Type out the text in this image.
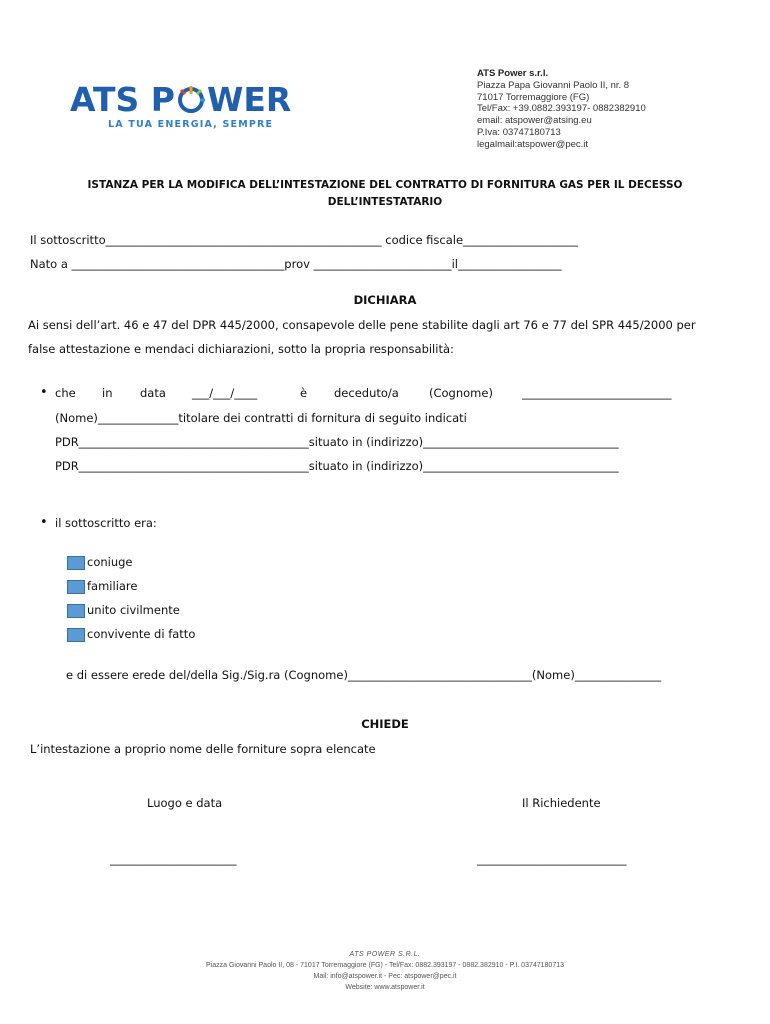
ATS P WER
LA TUA ENERGIA, SEMPRE
ATS Power s.r.l.
Piazza Papa Giovanni Paolo II, nr. 8
71017 Torremaggiore (FG)
Tel/Fax: +39.0882.393197- 0882382910
email: atspower@atsing.eu
P.Iva: 03747180713
legalmail:atspower@pec.it
ISTANZA PER LA MODIFICA DELL’INTESTAZIONE DEL CONTRATTO DI FORNITURA GAS PER IL DECESSO
DELL’INTESTATARIO
Il sottoscritto________________________________________________ codice fiscale____________________
Nato a _____________________________________prov ________________________il__________________
DICHIARA
Ai sensi dell’art. 46 e 47 del DPR 445/2000, consapevole delle pene stabilite dagli art 76 e 77 del SPR 445/2000 per
false attestazione e mendaci dichiarazioni, sotto la propria responsabilità:
• che in data ___/___/____	è deceduto/a	(Cognome)	__________________________
(Nome)______________titolare dei contratti di fornitura di seguito indicati
PDR________________________________________situato in (indirizzo)__________________________________
PDR________________________________________situato in (indirizzo)__________________________________
• il sottoscritto era:
coniuge
familiare
unito civilmente
convivente di fatto
e di essere erede del/della Sig./Sig.ra (Cognome)________________________________(Nome)_______________
CHIEDE
L’intestazione a proprio nome delle forniture sopra elencate
Luogo e data	Il Richiedente
______________________	__________________________
ATS POWER S.R.L.
Piazza Giovanni Paolo II, 08 - 71017 Torremaggiore (FG) - Tel/Fax: 0882.393197 - 0882.382910 - P.I. 03747180713
Mail: info@atspower.it - Pec: atspower@pec.it
Website: www.atspower.it
